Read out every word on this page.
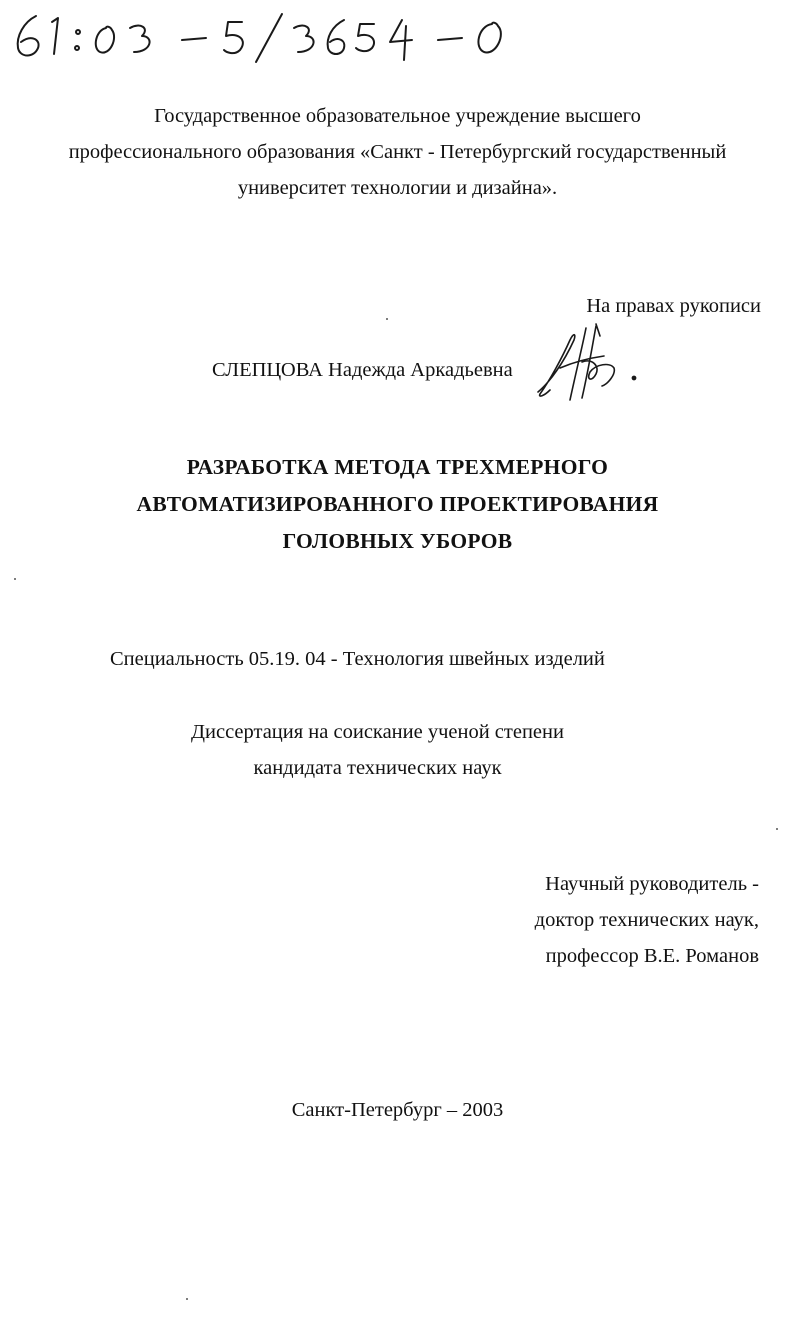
Государственное образовательное учреждение высшего
профессионального образования «Санкт - Петербургский государственный
университет технологии и дизайна».
На правах рукописи
СЛЕПЦОВА Надежда Аркадьевна
РАЗРАБОТКА МЕТОДА ТРЕХМЕРНОГО
АВТОМАТИЗИРОВАННОГО ПРОЕКТИРОВАНИЯ
ГОЛОВНЫХ УБОРОВ
Специальность 05.19. 04 - Технология швейных изделий
Диссертация на соискание ученой степени
кандидата технических наук
Научный руководитель -
доктор технических наук,
профессор В.Е. Романов
Санкт-Петербург – 2003
